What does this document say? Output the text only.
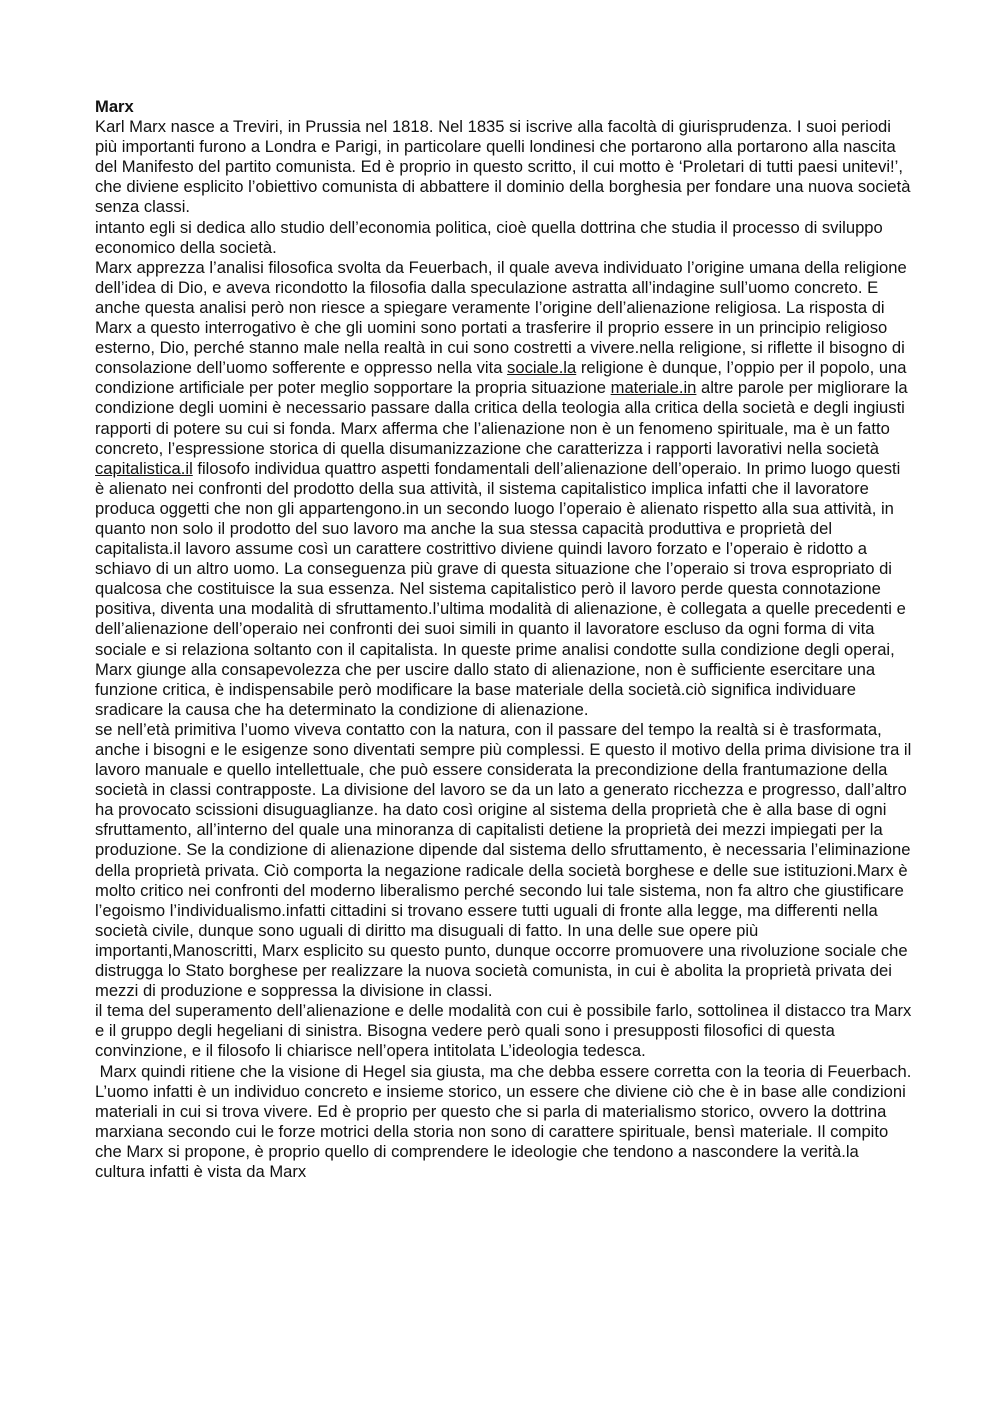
Marx

Karl Marx nasce a Treviri, in Prussia nel 1818. Nel 1835 si iscrive alla facoltà di giurisprudenza. I suoi periodi più importanti furono a Londra e Parigi, in particolare quelli londinesi che portarono alla portarono alla nascita del Manifesto del partito comunista. Ed è proprio in questo scritto, il cui motto è ‘Proletari di tutti paesi unitevi!’, che diviene esplicito l’obiettivo comunista di abbattere il dominio della borghesia per fondare una nuova società senza classi.

intanto egli si dedica allo studio dell’economia politica, cioè quella dottrina che studia il processo di sviluppo economico della società.

Marx apprezza l’analisi filosofica svolta da Feuerbach, il quale aveva individuato l’origine umana della religione dell’idea di Dio, e aveva ricondotto la filosofia dalla speculazione astratta all’indagine sull’uomo concreto. E anche questa analisi però non riesce a spiegare veramente l’origine dell’alienazione religiosa. La risposta di Marx a questo interrogativo è che gli uomini sono portati a trasferire il proprio essere in un principio religioso esterno, Dio, perché stanno male nella realtà in cui sono costretti a vivere.nella religione, si riflette il bisogno di consolazione dell’uomo sofferente e oppresso nella vita sociale.la religione è dunque, l’oppio per il popolo, una condizione artificiale per poter meglio sopportare la propria situazione materiale.in altre parole per migliorare la condizione degli uomini è necessario passare dalla critica della teologia alla critica della società e degli ingiusti rapporti di potere su cui si fonda. Marx afferma che l’alienazione non è un fenomeno spirituale, ma è un fatto concreto, l’espressione storica di quella disumanizzazione che caratterizza i rapporti lavorativi nella società capitalistica.il filosofo individua quattro aspetti fondamentali dell’alienazione dell’operaio. In primo luogo questi è alienato nei confronti del prodotto della sua attività, il sistema capitalistico implica infatti che il lavoratore produca oggetti che non gli appartengono.in un secondo luogo l’operaio è alienato rispetto alla sua attività, in quanto non solo il prodotto del suo lavoro ma anche la sua stessa capacità produttiva e proprietà del capitalista.il lavoro assume così un carattere costrittivo diviene quindi lavoro forzato e l’operaio è ridotto a schiavo di un altro uomo. La conseguenza più grave di questa situazione che l’operaio si trova espropriato di qualcosa che costituisce la sua essenza. Nel sistema capitalistico però il lavoro perde questa connotazione positiva, diventa una modalità di sfruttamento.l’ultima modalità di alienazione, è collegata a quelle precedenti e dell’alienazione dell’operaio nei confronti dei suoi simili in quanto il lavoratore escluso da ogni forma di vita sociale e si relaziona soltanto con il capitalista. In queste prime analisi condotte sulla condizione degli operai, Marx giunge alla consapevolezza che per uscire dallo stato di alienazione, non è sufficiente esercitare una funzione critica, è indispensabile però modificare la base materiale della società.ciò significa individuare sradicare la causa che ha determinato la condizione di alienazione.

se nell’età primitiva l’uomo viveva contatto con la natura, con il passare del tempo la realtà si è trasformata, anche i bisogni e le esigenze sono diventati sempre più complessi. E questo il motivo della prima divisione tra il lavoro manuale e quello intellettuale, che può essere considerata la precondizione della frantumazione della società in classi contrapposte. La divisione del lavoro se da un lato a generato ricchezza e progresso, dall’altro ha provocato scissioni disuguaglianze. ha dato così origine al sistema della proprietà che è alla base di ogni sfruttamento, all’interno del quale una minoranza di capitalisti detiene la proprietà dei mezzi impiegati per la produzione. Se la condizione di alienazione dipende dal sistema dello sfruttamento, è necessaria l’eliminazione della proprietà privata. Ciò comporta la negazione radicale della società borghese e delle sue istituzioni.Marx è molto critico nei confronti del moderno liberalismo perché secondo lui tale sistema, non fa altro che giustificare l’egoismo l’individualismo.infatti cittadini si trovano essere tutti uguali di fronte alla legge, ma differenti nella società civile, dunque sono uguali di diritto ma disuguali di fatto. In una delle sue opere più importanti,Manoscritti, Marx esplicito su questo punto, dunque occorre promuovere una rivoluzione sociale che distrugga lo Stato borghese per realizzare la nuova società comunista, in cui è abolita la proprietà privata dei mezzi di produzione e soppressa la divisione in classi.

il tema del superamento dell’alienazione e delle modalità con cui è possibile farlo, sottolinea il distacco tra Marx e il gruppo degli hegeliani di sinistra. Bisogna vedere però quali sono i presupposti filosofici di questa convinzione, e il filosofo li chiarisce nell’opera intitolata L’ideologia tedesca.

Marx quindi ritiene che la visione di Hegel sia giusta, ma che debba essere corretta con la teoria di Feuerbach. L’uomo infatti è un individuo concreto e insieme storico, un essere che diviene ciò che è in base alle condizioni materiali in cui si trova vivere. Ed è proprio per questo che si parla di materialismo storico, ovvero la dottrina marxiana secondo cui le forze motrici della storia non sono di carattere spirituale, bensì materiale. Il compito che Marx si propone, è proprio quello di comprendere le ideologie che tendono a nascondere la verità.la cultura infatti è vista da Marx
